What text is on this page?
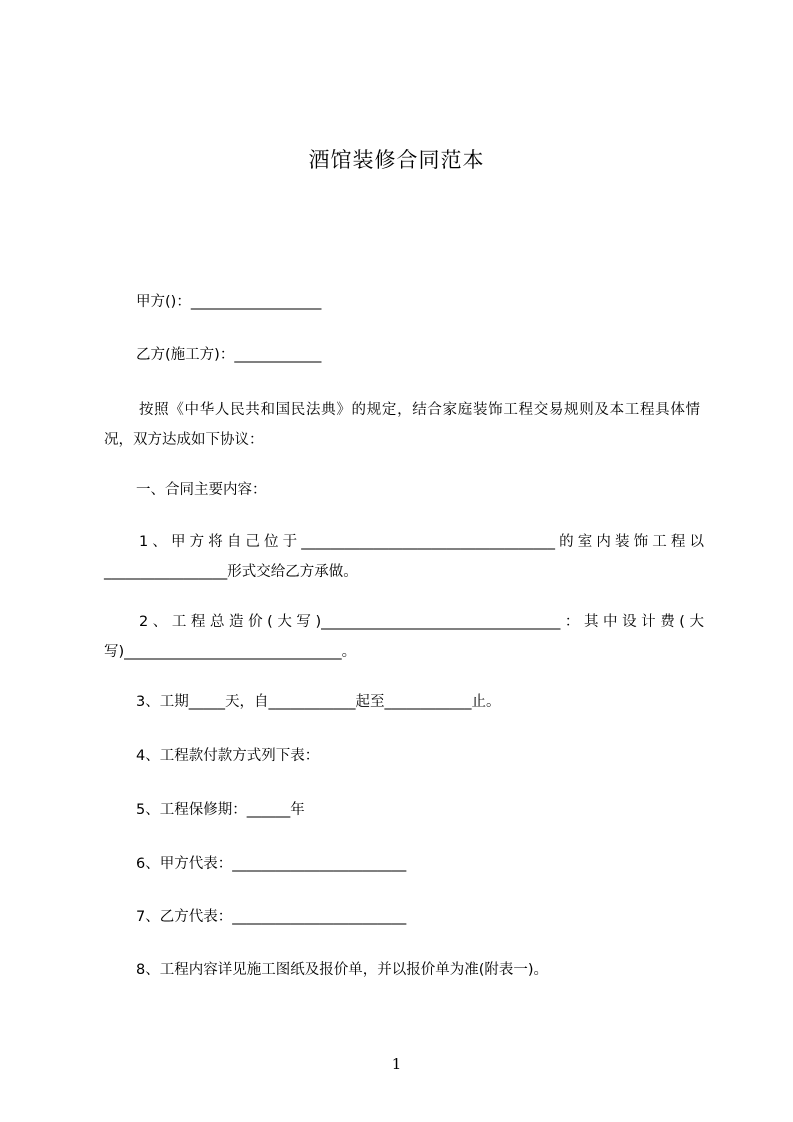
酒馆装修合同范本
甲方()：__________________
乙方(施工方)：____________
按照《中华人民共和国民法典》的规定，结合家庭装饰工程交易规则及本工程具体情况，双方达成如下协议：
一、合同主要内容：
1、甲方将自己位于___________________________________的室内装饰工程以_________________形式交给乙方承做。
2、工程总造价(大写)_________________________________：其中设计费(大写)______________________________。
3、工期_____天，自____________起至____________止。
4、工程款付款方式列下表：
5、工程保修期：______年
6、甲方代表：________________________
7、乙方代表：________________________
8、工程内容详见施工图纸及报价单，并以报价单为准(附表一)。
1
